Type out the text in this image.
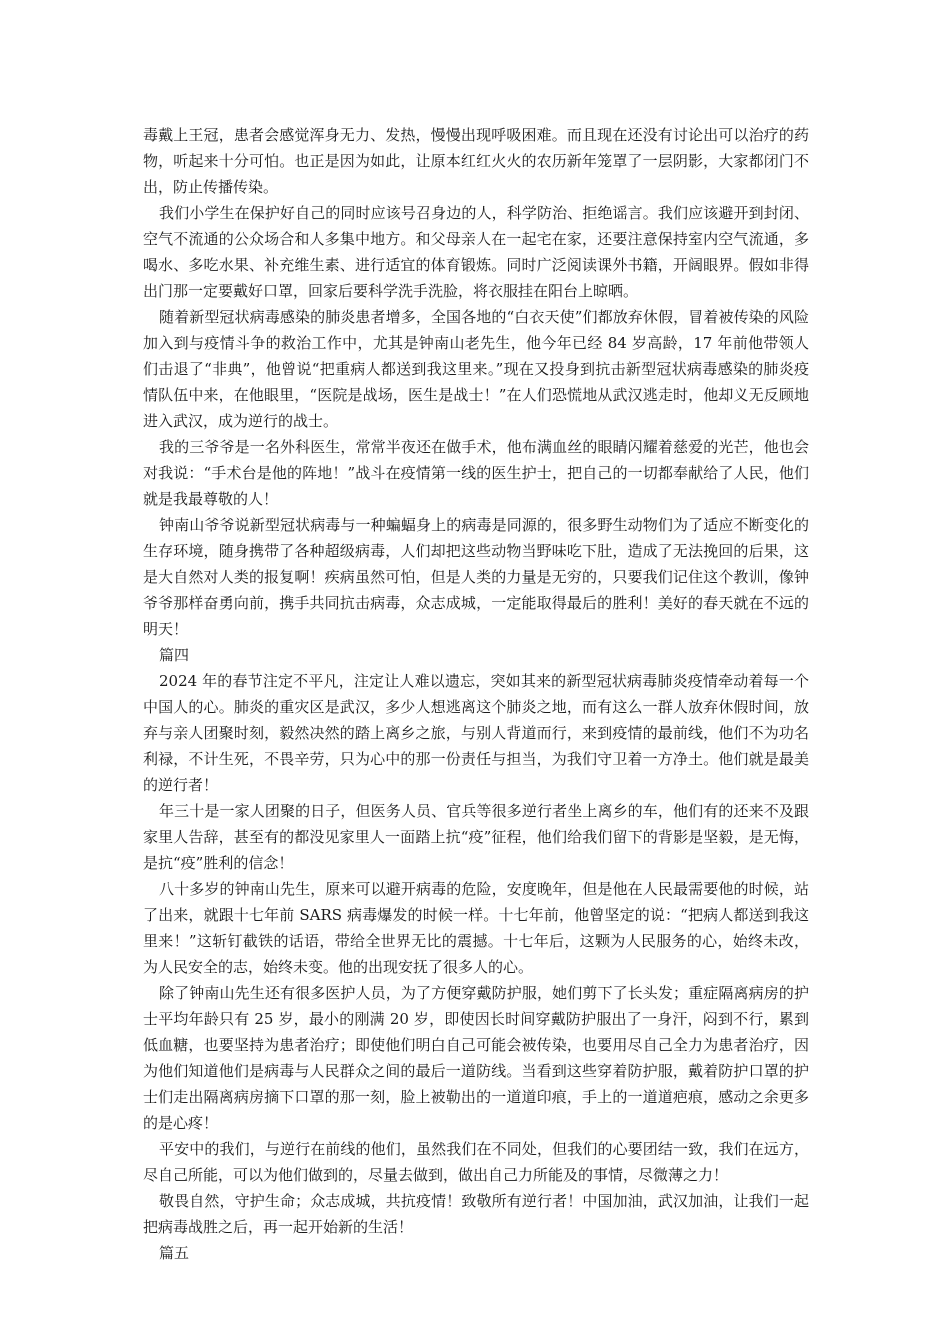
毒戴上王冠，患者会感觉浑身无力、发热，慢慢出现呼吸困难。而且现在还没有讨论出可以治疗的药物，听起来十分可怕。也正是因为如此，让原本红红火火的农历新年笼罩了一层阴影，大家都闭门不出，防止传播传染。

我们小学生在保护好自己的同时应该号召身边的人，科学防治、拒绝谣言。我们应该避开到封闭、空气不流通的公众场合和人多集中地方。和父母亲人在一起宅在家，还要注意保持室内空气流通，多喝水、多吃水果、补充维生素、进行适宜的体育锻炼。同时广泛阅读课外书籍，开阔眼界。假如非得出门那一定要戴好口罩，回家后要科学洗手洗脸，将衣服挂在阳台上晾晒。

随着新型冠状病毒感染的肺炎患者增多，全国各地的“白衣天使”们都放弃休假，冒着被传染的风险加入到与疫情斗争的救治工作中，尤其是钟南山老先生，他今年已经 84 岁高龄，17 年前他带领人们击退了“非典”，他曾说“把重病人都送到我这里来。”现在又投身到抗击新型冠状病毒感染的肺炎疫情队伍中来，在他眼里，“医院是战场，医生是战士！”在人们恐慌地从武汉逃走时，他却义无反顾地进入武汉，成为逆行的战士。

我的三爷爷是一名外科医生，常常半夜还在做手术，他布满血丝的眼睛闪耀着慈爱的光芒，他也会对我说：“手术台是他的阵地！”战斗在疫情第一线的医生护士，把自己的一切都奉献给了人民，他们就是我最尊敬的人！

钟南山爷爷说新型冠状病毒与一种蝙蝠身上的病毒是同源的，很多野生动物们为了适应不断变化的生存环境，随身携带了各种超级病毒，人们却把这些动物当野味吃下肚，造成了无法挽回的后果，这是大自然对人类的报复啊！疾病虽然可怕，但是人类的力量是无穷的，只要我们记住这个教训，像钟爷爷那样奋勇向前，携手共同抗击病毒，众志成城，一定能取得最后的胜利！美好的春天就在不远的明天！

篇四

2024 年的春节注定不平凡，注定让人难以遗忘，突如其来的新型冠状病毒肺炎疫情牵动着每一个中国人的心。肺炎的重灾区是武汉，多少人想逃离这个肺炎之地，而有这么一群人放弃休假时间，放弃与亲人团聚时刻，毅然决然的踏上离乡之旅，与别人背道而行，来到疫情的最前线，他们不为功名利禄，不计生死，不畏辛劳，只为心中的那一份责任与担当，为我们守卫着一方净土。他们就是最美的逆行者！

年三十是一家人团聚的日子，但医务人员、官兵等很多逆行者坐上离乡的车，他们有的还来不及跟家里人告辞，甚至有的都没见家里人一面踏上抗“疫”征程，他们给我们留下的背影是坚毅，是无悔，是抗“疫”胜利的信念！

八十多岁的钟南山先生，原来可以避开病毒的危险，安度晚年，但是他在人民最需要他的时候，站了出来，就跟十七年前 SARS 病毒爆发的时候一样。十七年前，他曾坚定的说：“把病人都送到我这里来！”这斩钉截铁的话语，带给全世界无比的震撼。十七年后，这颗为人民服务的心，始终未改，为人民安全的志，始终未变。他的出现安抚了很多人的心。

除了钟南山先生还有很多医护人员，为了方便穿戴防护服，她们剪下了长头发；重症隔离病房的护士平均年龄只有 25 岁，最小的刚满 20 岁，即使因长时间穿戴防护服出了一身汗，闷到不行，累到低血糖，也要坚持为患者治疗；即使他们明白自己可能会被传染，也要用尽自己全力为患者治疗，因为他们知道他们是病毒与人民群众之间的最后一道防线。当看到这些穿着防护服，戴着防护口罩的护士们走出隔离病房摘下口罩的那一刻，脸上被勒出的一道道印痕，手上的一道道疤痕，感动之余更多的是心疼！

平安中的我们，与逆行在前线的他们，虽然我们在不同处，但我们的心要团结一致，我们在远方，尽自己所能，可以为他们做到的，尽量去做到，做出自己力所能及的事情，尽微薄之力！

敬畏自然，守护生命；众志成城，共抗疫情！致敬所有逆行者！中国加油，武汉加油，让我们一起把病毒战胜之后，再一起开始新的生活！

篇五
